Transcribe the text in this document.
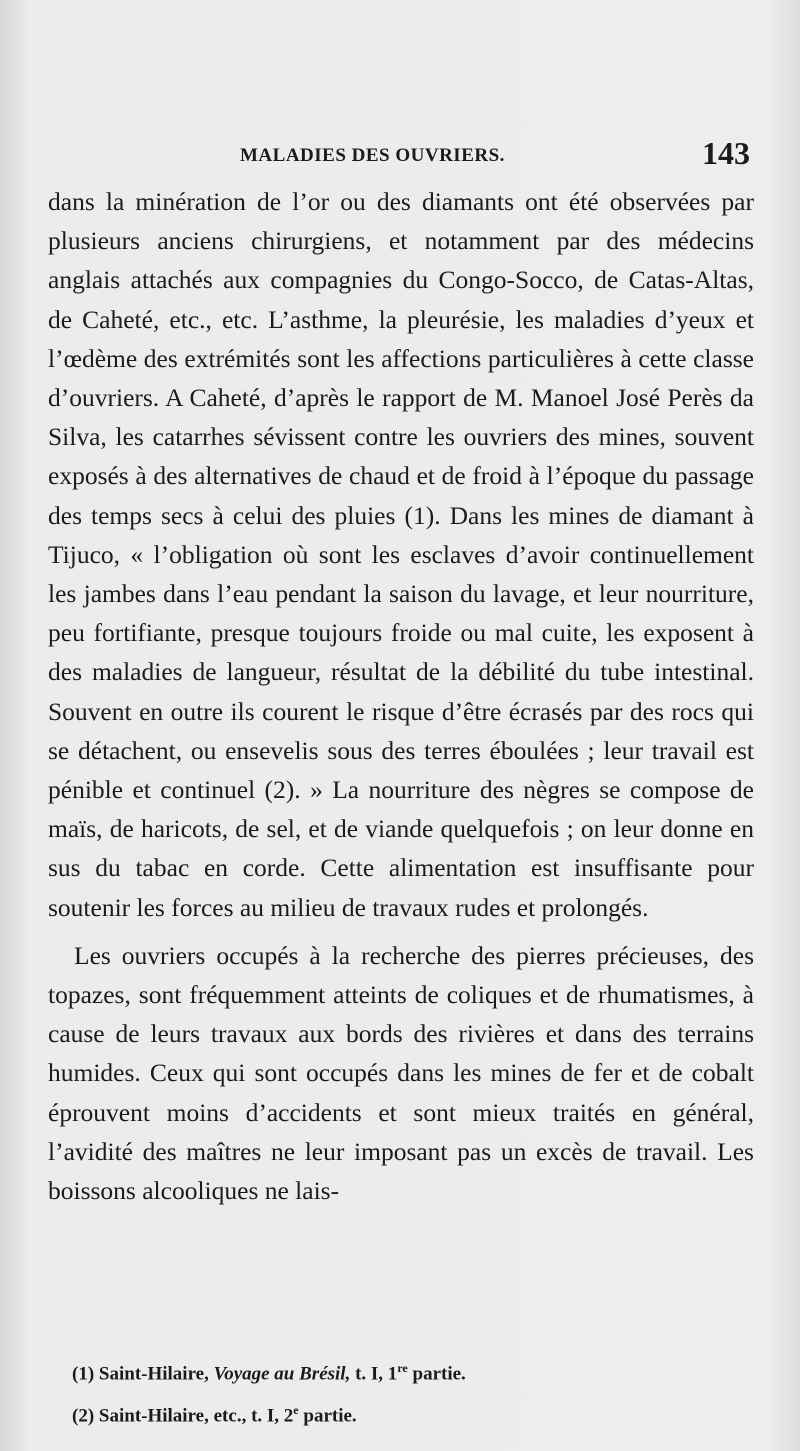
MALADIES DES OUVRIERS.	143

dans la minération de l’or ou des diamants ont été observées par plusieurs anciens chirurgiens, et notamment par des médecins anglais attachés aux compagnies du Congo-Socco, de Catas-Altas, de Caheté, etc., etc. L’asthme, la pleurésie, les maladies d’yeux et l’œdème des extrémités sont les affections particulières à cette classe d’ouvriers. A Caheté, d’après le rapport de M. Manoel José Perès da Silva, les catarrhes sévissent contre les ouvriers des mines, souvent exposés à des alternatives de chaud et de froid à l’époque du passage des temps secs à celui des pluies (1). Dans les mines de diamant à Tijuco, « l’obligation où sont les esclaves d’avoir continuellement les jambes dans l’eau pendant la saison du lavage, et leur nourriture, peu fortifiante, presque toujours froide ou mal cuite, les exposent à des maladies de langueur, résultat de la débilité du tube intestinal. Souvent en outre ils courent le risque d’être écrasés par des rocs qui se détachent, ou ensevelis sous des terres éboulées ; leur travail est pénible et continuel (2). » La nourriture des nègres se compose de maïs, de haricots, de sel, et de viande quelquefois ; on leur donne en sus du tabac en corde. Cette alimentation est insuffisante pour soutenir les forces au milieu de travaux rudes et prolongés.

Les ouvriers occupés à la recherche des pierres précieuses, des topazes, sont fréquemment atteints de coliques et de rhumatismes, à cause de leurs travaux aux bords des rivières et dans des terrains humides. Ceux qui sont occupés dans les mines de fer et de cobalt éprouvent moins d’accidents et sont mieux traités en général, l’avidité des maîtres ne leur imposant pas un excès de travail. Les boissons alcooliques ne lais-

(1) Saint-Hilaire, Voyage au Brésil, t. I, 1re partie.
(2) Saint-Hilaire, etc., t. I, 2e partie.
